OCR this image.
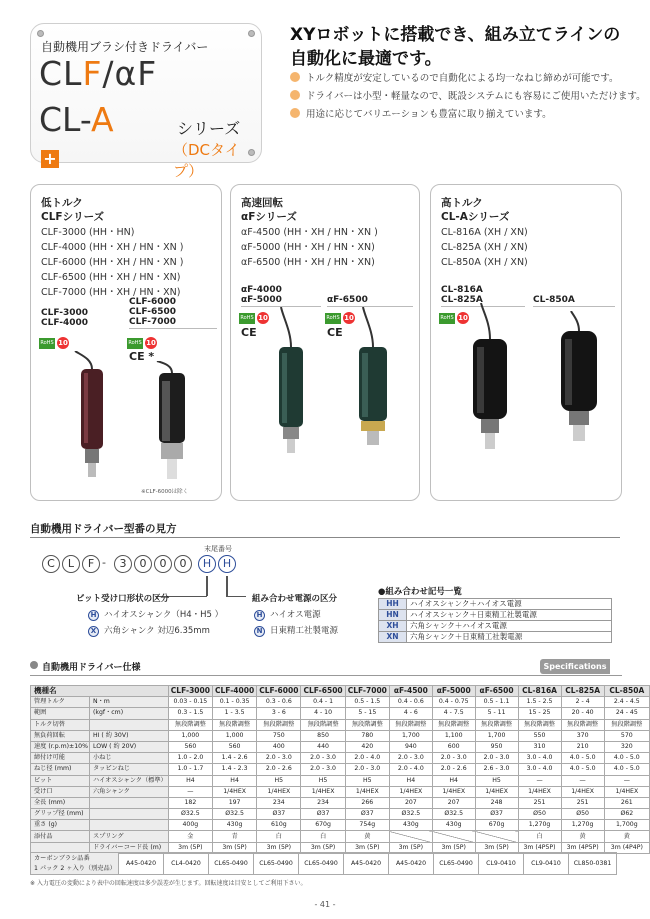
自動機用ブラシ付きドライバー
CLF/αF
CL-A	シリーズ
（DCタイプ）
+
XYロボットに搭載でき、組み立てラインの自動化に最適です。
トルク精度が安定しているので自動化による均一なねじ締めが可能です。
ドライバーは小型・軽量なので、既設システムにも容易にご使用いただけます。
用途に応じてバリエーションも豊富に取り揃えています。
低トルク
CLFシリーズ
CLF-3000 (HH・HN)
CLF-4000 (HH・XH / HN・XN )
CLF-6000 (HH・XH / HN・XN )
CLF-6500 (HH・XH / HN・XN)
CLF-7000 (HH・XH / HN・XN)
CLF-3000
CLF-4000
CLF-6000
CLF-6500
CLF-7000
RoHS 10	RoHS 10
CE *
※CLF-6000は除く
高速回転
αFシリーズ
αF-4500 (HH・XH / HN・XN )
αF-5000 (HH・XH / HN・XN)
αF-6500 (HH・XH / HN・XN)
αF-4000
αF-5000	αF-6500
RoHS 10
CE
RoHS 10
CE
高トルク
CL-Aシリーズ
CL-816A (XH / XN)
CL-825A (XH / XN)
CL-850A (XH / XN)
CL-816A
CL-825A	CL-850A
RoHS 10
自動機用ドライバー型番の見方
末尾番号
C	L	F -	3	0	0	0	H	H
ビット受け口形状の区分
H ハイオスシャンク（H4・H5 ）
X 六角シャンク 対辺6.35mm
組み合わせ電源の区分
H ハイオス電源
N 日東精工社製電源
●組み合わせ記号一覧
HH	ハイオスシャンク＋ハイオス電源
HN	ハイオスシャンク＋日東精工社製電源
XH	六角シャンク＋ハイオス電源
XN	六角シャンク＋日東精工社製電源
自動機用ドライバー仕様	Specifications
機種名		CLF-3000	CLF-4000	CLF-6000	CLF-6500	CLF-7000	αF-4500	αF-5000	αF-6500	CL-816A	CL-825A	CL-850A
管理トルク	N・m	0.03 - 0.15	0.1 - 0.35	0.3 - 0.6	0.4 - 1	0.5 - 1.5	0.4 - 0.6	0.4 - 0.75	0.5 - 1.1	1.5 - 2.5	2 - 4	2.4 - 4.5
範囲	(kgf・cm)	0.3 - 1.5	1 - 3.5	3 - 6	4 - 10	5 - 15	4 - 6	4 - 7.5	5 - 11	15 - 25	20 - 40	24 - 45
トルク切替		無段階調整	無段階調整	無段階調整	無段階調整	無段階調整	無段階調整	無段階調整	無段階調整	無段階調整	無段階調整	無段階調整
無負荷回転	HI ( 約 30V)	1,000	1,000	750	850	780	1,700	1,100	1,700	550	370	570
速度 (r.p.m)±10%	LOW ( 約 20V)	560	560	400	440	420	940	600	950	310	210	320
締付け可能	小ねじ	1.0 - 2.0	1.4 - 2.6	2.0 - 3.0	2.0 - 3.0	2.0 - 4.0	2.0 - 3.0	2.0 - 3.0	2.0 - 3.0	3.0 - 4.0	4.0 - 5.0	4.0 - 5.0
ねじ径 (mm)	タッピンねじ	1.0 - 1.7	1.4 - 2.3	2.0 - 2.6	2.0 - 3.0	2.0 - 3.0	2.0 - 4.0	2.0 - 2.6	2.6 - 3.0	3.0 - 4.0	4.0 - 5.0	4.0 - 5.0
ビット	ハイオスシャンク（標準）	H4	H4	H5	H5	H5	H4	H4	H5	—	—	—
受け口	六角シャンク	—	1/4HEX	1/4HEX	1/4HEX	1/4HEX	1/4HEX	1/4HEX	1/4HEX	1/4HEX	1/4HEX	1/4HEX
全長 (mm)		182	197	234	234	266	207	207	248	251	251	261
グリップ径 (mm)		Ø32.5	Ø32.5	Ø37	Ø37	Ø37	Ø32.5	Ø32.5	Ø37	Ø50	Ø50	Ø62
重さ (g)		400g	430g	610g	670g	754g	430g	430g	670g	1,270g	1,270g	1,700g
添付品	スプリング	金	青	白	白	黄				白	黄	黄
	ドライバーコード長 (m)	3m (5P)	3m (5P)	3m (5P)	3m (5P)	3m (5P)	3m (5P)	3m (5P)	3m (5P)	3m (4P5P)	3m (4P5P)	3m (4P4P)
カーボンブラシ品番
1 パック 2 ヶ入り（別売品）	A45-0420	CL4-0420	CL65-0490	CL65-0490	CL65-0490	A45-0420	A45-0420	CL65-0490	CL9-0410	CL9-0410	CL850-0381
※ 入力電圧の変動により表中の回転速度は多少誤差が生じます。回転速度は目安としてご利用下さい。
- 41 -
